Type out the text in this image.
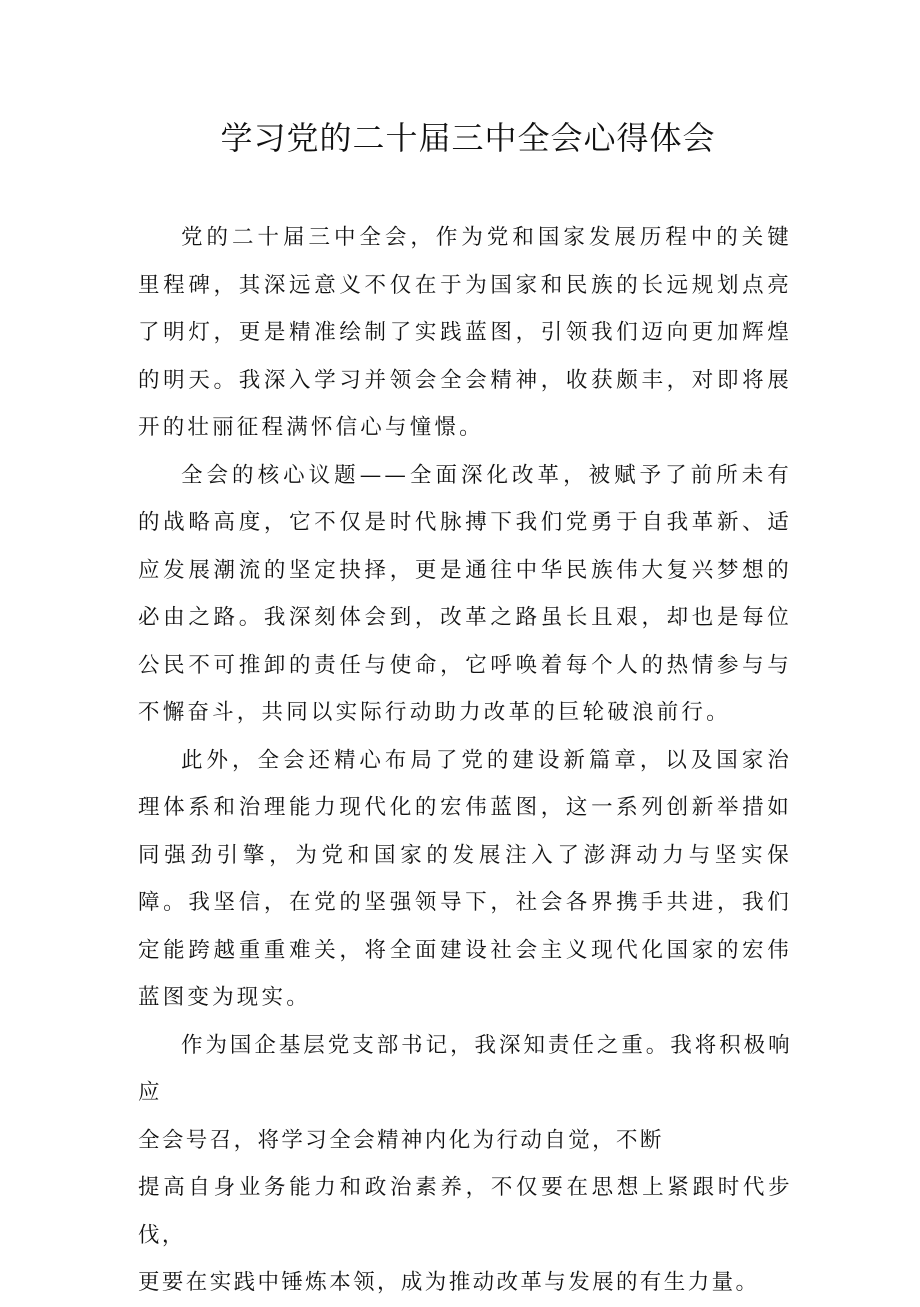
学习党的二十届三中全会心得体会

党的二十届三中全会，作为党和国家发展历程中的关键里程碑，其深远意义不仅在于为国家和民族的长远规划点亮了明灯，更是精准绘制了实践蓝图，引领我们迈向更加辉煌的明天。我深入学习并领会全会精神，收获颇丰，对即将展开的壮丽征程满怀信心与憧憬。

全会的核心议题——全面深化改革，被赋予了前所未有的战略高度，它不仅是时代脉搏下我们党勇于自我革新、适应发展潮流的坚定抉择，更是通往中华民族伟大复兴梦想的必由之路。我深刻体会到，改革之路虽长且艰，却也是每位公民不可推卸的责任与使命，它呼唤着每个人的热情参与与不懈奋斗，共同以实际行动助力改革的巨轮破浪前行。

此外，全会还精心布局了党的建设新篇章，以及国家治理体系和治理能力现代化的宏伟蓝图，这一系列创新举措如同强劲引擎，为党和国家的发展注入了澎湃动力与坚实保障。我坚信，在党的坚强领导下，社会各界携手共进，我们定能跨越重重难关，将全面建设社会主义现代化国家的宏伟蓝图变为现实。

作为国企基层党支部书记，我深知责任之重。我将积极响应
全会号召，将学习全会精神内化为行动自觉，不断
提高自身业务能力和政治素养，不仅要在思想上紧跟时代步伐，
更要在实践中锤炼本领，成为推动改革与发展的有生力量。
